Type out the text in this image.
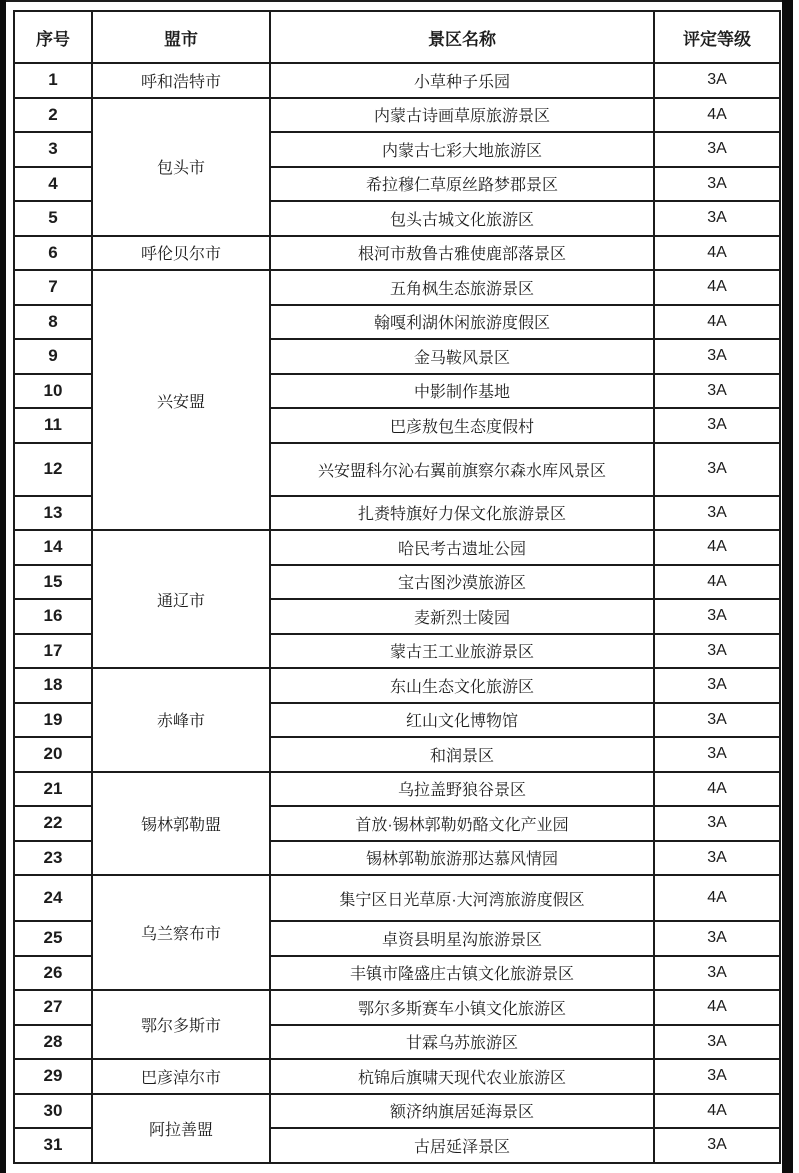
序号	盟市	景区名称	评定等级
1	呼和浩特市	小草种子乐园	3A
2	包头市	内蒙古诗画草原旅游景区	4A
3		内蒙古七彩大地旅游区	3A
4		希拉穆仁草原丝路梦郡景区	3A
5		包头古城文化旅游区	3A
6	呼伦贝尔市	根河市敖鲁古雅使鹿部落景区	4A
7	兴安盟	五角枫生态旅游景区	4A
8		翰嘎利湖休闲旅游度假区	4A
9		金马鞍风景区	3A
10		中影制作基地	3A
11		巴彦敖包生态度假村	3A
12		兴安盟科尔沁右翼前旗察尔森水库风景区	3A
13		扎赉特旗好力保文化旅游景区	3A
14	通辽市	哈民考古遗址公园	4A
15		宝古图沙漠旅游区	4A
16		麦新烈士陵园	3A
17		蒙古王工业旅游景区	3A
18	赤峰市	东山生态文化旅游区	3A
19		红山文化博物馆	3A
20		和润景区	3A
21	锡林郭勒盟	乌拉盖野狼谷景区	4A
22		首放·锡林郭勒奶酪文化产业园	3A
23		锡林郭勒旅游那达慕风情园	3A
24	乌兰察布市	集宁区日光草原·大河湾旅游度假区	4A
25		卓资县明星沟旅游景区	3A
26		丰镇市隆盛庄古镇文化旅游景区	3A
27	鄂尔多斯市	鄂尔多斯赛车小镇文化旅游区	4A
28		甘霖乌苏旅游区	3A
29	巴彦淖尔市	杭锦后旗啸天现代农业旅游区	3A
30	阿拉善盟	额济纳旗居延海景区	4A
31		古居延泽景区	3A
